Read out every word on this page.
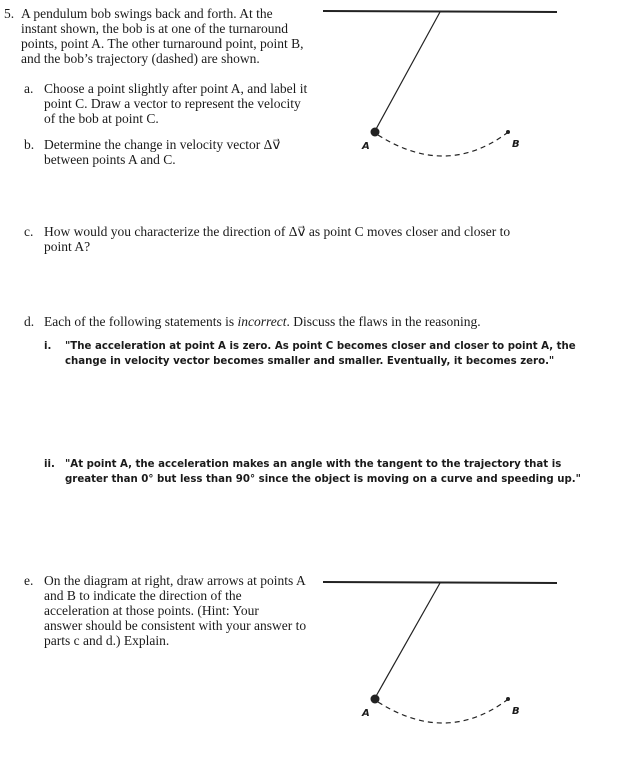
5. A pendulum bob swings back and forth. At the
instant shown, the bob is at one of the turnaround
points, point A. The other turnaround point, point B,
and the bob’s trajectory (dashed) are shown.
a. Choose a point slightly after point A, and label it
point C. Draw a vector to represent the velocity
of the bob at point C.
b. Determine the change in velocity vector Δv⃗
between points A and C.
c. How would you characterize the direction of Δv⃗ as point C moves closer and closer to
point A?
d. Each of the following statements is incorrect. Discuss the flaws in the reasoning.
i. "The acceleration at point A is zero. As point C becomes closer and closer to point A, the
change in velocity vector becomes smaller and smaller. Eventually, it becomes zero."
ii. "At point A, the acceleration makes an angle with the tangent to the trajectory that is
greater than 0° but less than 90° since the object is moving on a curve and speeding up."
e. On the diagram at right, draw arrows at points A
and B to indicate the direction of the
acceleration at those points. (Hint: Your
answer should be consistent with your answer to
parts c and d.) Explain.
A	B
A	B
